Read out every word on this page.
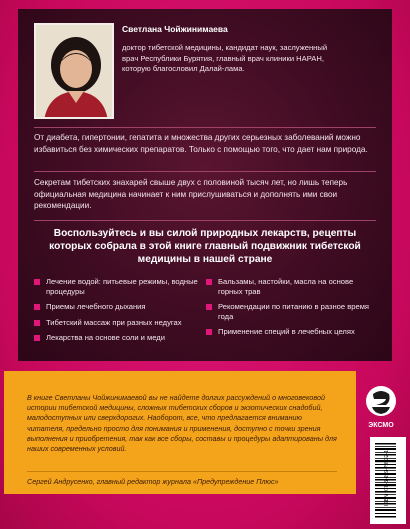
Светлана Чойжинимаева
доктор тибетской медицины, кандидат наук, заслуженный врач Республики Бурятия, главный врач клиники НАРАН, которую благословил Далай-лама.
От диабета, гипертонии, гепатита и множества других серьезных заболеваний можно избавиться без химических препаратов. Только с помощью того, что дает нам природа.
Секретам тибетских знахарей свыше двух с половиной тысяч лет, но лишь теперь официальная медицина начинает к ним прислушиваться и дополнять ими свои рекомендации.
Воспользуйтесь и вы силой природных лекарств, рецепты которых собрала в этой книге главный подвижник тибетской медицины в нашей стране
Лечение водой: питьевые режимы, водные процедуры
Приемы лечебного дыхания
Тибетский массаж при разных недугах
Лекарства на основе соли и меди
Бальзамы, настойки, масла на основе горных трав
Рекомендации по питанию в разное время года
Применение специй в лечебных целях
В книге Светланы Чойжинимаевой вы не найдете долгих рассуждений о многовековой истории тибетской медицины, сложных тибетских сборов и экзотических снадобий, малодоступных или сверхдорогих. Наоборот, все, что предлагается вниманию читателя, предельно просто для понимания и применения, доступно с точки зрения выполнения и приобретения, так как все сборы, составы и процедуры адаптированы для наших современных условий.
Сергей Андрусенко, главный редактор журнала «Предупреждение Плюс»
ЭКСМО
ISBN 978-5-699-79532-1
